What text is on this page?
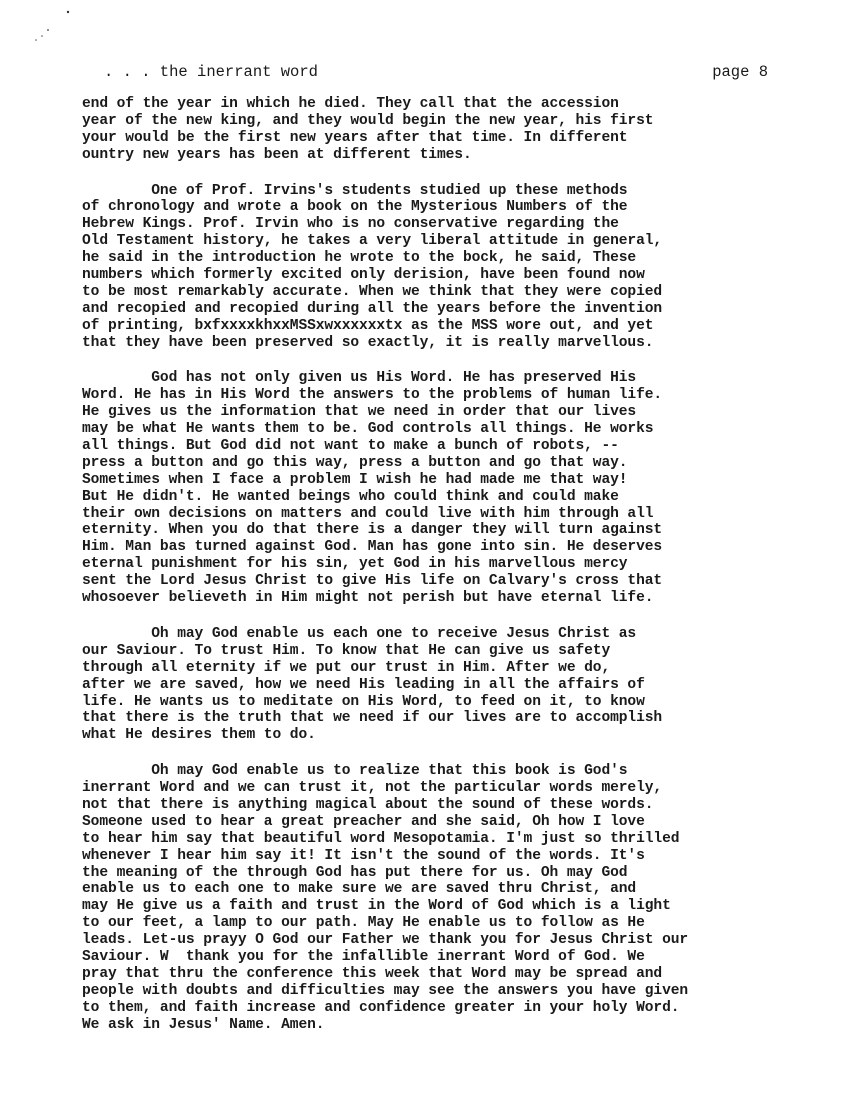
. . . the inerrant word	page 8
end of the year in which he died. They call that the accession
year of the new king, and they would begin the new year, his first
your would be the first new years after that time. In different
ountry new years has been at different times.
One of Prof. Irvins's students studied up these methods
of chronology and wrote a book on the Mysterious Numbers of the
Hebrew Kings. Prof. Irvin who is no conservative regarding the
Old Testament history, he takes a very liberal attitude in general,
he said in the introduction he wrote to the bock, he said, These
numbers which formerly excited only derision, have been found now
to be most remarkably accurate. When we think that they were copied
and recopied and recopied during all the years before the invention
of printing, bxfxxxxkhxxMSSxwxxxxxxtx as the MSS wore out, and yet
that they have been preserved so exactly, it is really marvellous.
God has not only given us His Word. He has preserved His
Word. He has in His Word the answers to the problems of human life.
He gives us the information that we need in order that our lives
may be what He wants them to be. God controls all things. He works
all things. But God did not want to make a bunch of robots, --
press a button and go this way, press a button and go that way.
Sometimes when I face a problem I wish he had made me that way!
But He didn't. He wanted beings who could think and could make
their own decisions on matters and could live with him through all
eternity. When you do that there is a danger they will turn against
Him. Man bas turned against God. Man has gone into sin. He deserves
eternal punishment for his sin, yet God in his marvellous mercy
sent the Lord Jesus Christ to give His life on Calvary's cross that
whosoever believeth in Him might not perish but have eternal life.
Oh may God enable us each one to receive Jesus Christ as
our Saviour. To trust Him. To know that He can give us safety
through all eternity if we put our trust in Him. After we do,
after we are saved, how we need His leading in all the affairs of
life. He wants us to meditate on His Word, to feed on it, to know
that there is the truth that we need if our lives are to accomplish
what He desires them to do.
Oh may God enable us to realize that this book is God's
inerrant Word and we can trust it, not the particular words merely,
not that there is anything magical about the sound of these words.
Someone used to hear a great preacher and she said, Oh how I love
to hear him say that beautiful word Mesopotamia. I'm just so thrilled
whenever I hear him say it! It isn't the sound of the words. It's
the meaning of the through God has put there for us. Oh may God
enable us to each one to make sure we are saved thru Christ, and
may He give us a faith and trust in the Word of God which is a light
to our feet, a lamp to our path. May He enable us to follow as He
leads. Let-us prayy O God our Father we thank you for Jesus Christ our
Saviour. W  thank you for the infallible inerrant Word of God. We
pray that thru the conference this week that Word may be spread and
people with doubts and difficulties may see the answers you have given
to them, and faith increase and confidence greater in your holy Word.
We ask in Jesus' Name. Amen.
